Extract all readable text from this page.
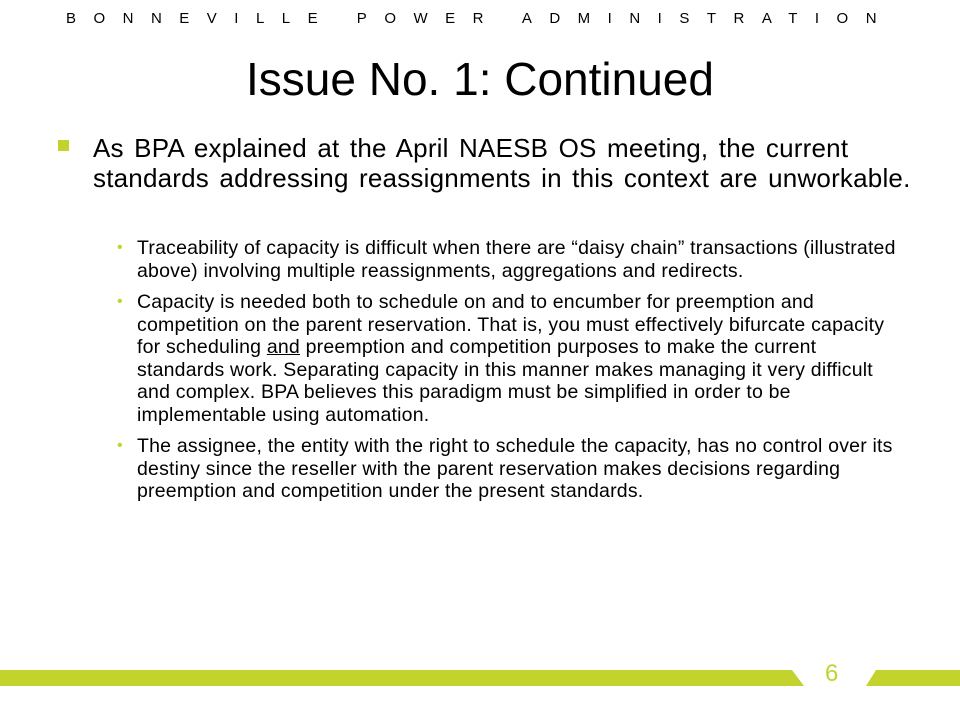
BONNEVILLE POWER ADMINISTRATION
Issue No. 1: Continued
As BPA explained at the April NAESB OS meeting, the current standards addressing reassignments in this context are unworkable.
• Traceability of capacity is difficult when there are “daisy chain” transactions (illustrated above) involving multiple reassignments, aggregations and redirects.
• Capacity is needed both to schedule on and to encumber for preemption and competition on the parent reservation. That is, you must effectively bifurcate capacity for scheduling and preemption and competition purposes to make the current standards work. Separating capacity in this manner makes managing it very difficult and complex. BPA believes this paradigm must be simplified in order to be implementable using automation.
• The assignee, the entity with the right to schedule the capacity, has no control over its destiny since the reseller with the parent reservation makes decisions regarding preemption and competition under the present standards.
6
